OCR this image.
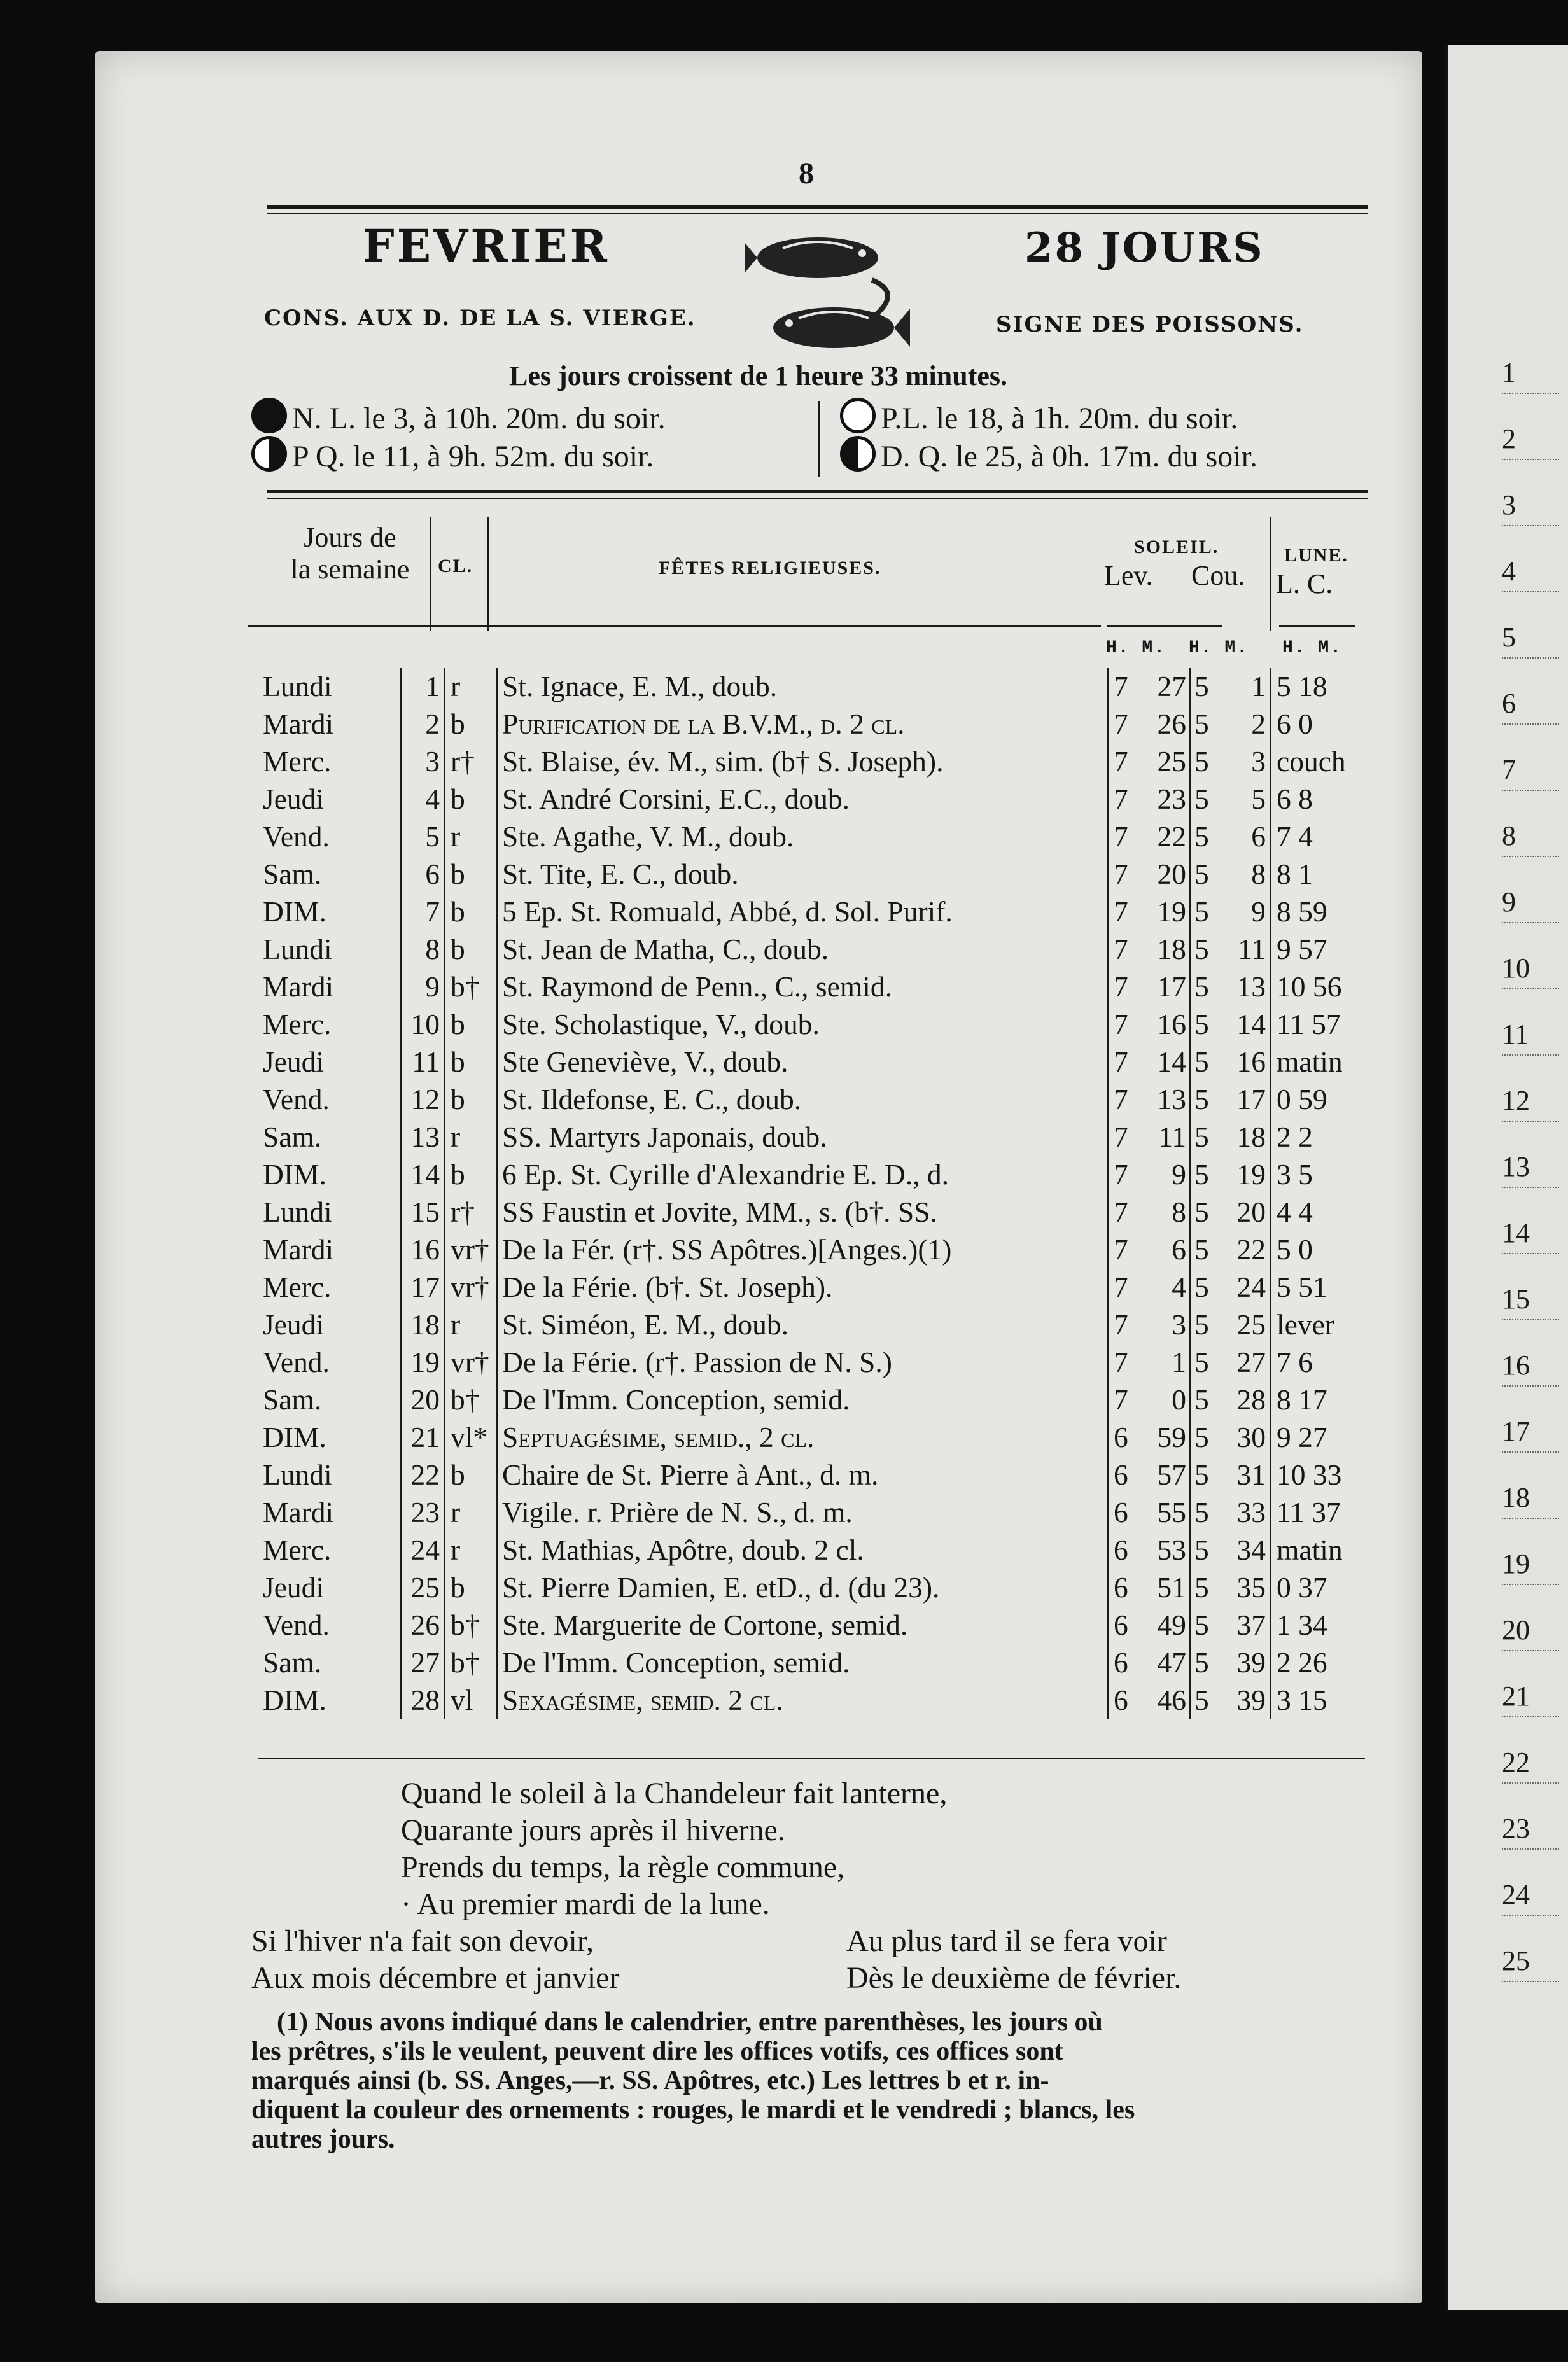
1
2
3
4
5
6
7
8
9
10
11
12
13
14
15
16
17
18
19
20
21
22
23
24
25
8
FEVRIER	28 JOURS
CONS. AUX D. DE LA S. VIERGE.	SIGNE DES POISSONS.
Les jours croissent de 1 heure 33 minutes.
N. L. le 3, à 10h. 20m. du soir.	P.L. le 18, à 1h. 20m. du soir.
P Q. le 11, à 9h. 52m. du soir.	D. Q. le 25, à 0h. 17m. du soir.
Jours de
la semaine	CL.	FÊTES RELIGIEUSES.
SOLEIL.
Lev. Cou.
LUNE.
L. C.
H. M. H. M. H. M.
Lundi	1	r	St. Ignace, E. M., doub.	7	27	5	1	5 18
Mardi	2	b	Purification de la B.V.M., d. 2 cl.	7	26	5	2	6 0
Merc.	3	r†	St. Blaise, év. M., sim. (b† S. Joseph).	7	25	5	3	couch
Jeudi	4	b	St. André Corsini, E.C., doub.	7	23	5	5	6 8
Vend.	5	r	Ste. Agathe, V. M., doub.	7	22	5	6	7 4
Sam.	6	b	St. Tite, E. C., doub.	7	20	5	8	8 1
DIM.	7	b	5 Ep. St. Romuald, Abbé, d. Sol. Purif.	7	19	5	9	8 59
Lundi	8	b	St. Jean de Matha, C., doub.	7	18	5	11	9 57
Mardi	9	b†	St. Raymond de Penn., C., semid.	7	17	5	13	10 56
Merc.	10	b	Ste. Scholastique, V., doub.	7	16	5	14	11 57
Jeudi	11	b	Ste Geneviève, V., doub.	7	14	5	16	matin
Vend.	12	b	St. Ildefonse, E. C., doub.	7	13	5	17	0 59
Sam.	13	r	SS. Martyrs Japonais, doub.	7	11	5	18	2 2
DIM.	14	b	6 Ep. St. Cyrille d'Alexandrie E. D., d.	7	9	5	19	3 5
Lundi	15	r†	SS Faustin et Jovite, MM., s. (b†. SS.	7	8	5	20	4 4
Mardi	16	vr†	De la Fér. (r†. SS Apôtres.)[Anges.)(1)	7	6	5	22	5 0
Merc.	17	vr†	De la Férie. (b†. St. Joseph).	7	4	5	24	5 51
Jeudi	18	r	St. Siméon, E. M., doub.	7	3	5	25	lever
Vend.	19	vr†	De la Férie. (r†. Passion de N. S.)	7	1	5	27	7 6
Sam.	20	b†	De l'Imm. Conception, semid.	7	0	5	28	8 17
DIM.	21	vl*	Septuagésime, semid., 2 cl.	6	59	5	30	9 27
Lundi	22	b	Chaire de St. Pierre à Ant., d. m.	6	57	5	31	10 33
Mardi	23	r	Vigile. r. Prière de N. S., d. m.	6	55	5	33	11 37
Merc.	24	r	St. Mathias, Apôtre, doub. 2 cl.	6	53	5	34	matin
Jeudi	25	b	St. Pierre Damien, E. etD., d. (du 23).	6	51	5	35	0 37
Vend.	26	b†	Ste. Marguerite de Cortone, semid.	6	49	5	37	1 34
Sam.	27	b†	De l'Imm. Conception, semid.	6	47	5	39	2 26
DIM.	28	vl	Sexagésime, semid. 2 cl.	6	46	5	39	3 15
Quand le soleil à la Chandeleur fait lanterne,
Quarante jours après il hiverne.
Prends du temps, la règle commune,
· Au premier mardi de la lune.
Si l'hiver n'a fait son devoir,
Aux mois décembre et janvier
Au plus tard il se fera voir
Dès le deuxième de février.
(1) Nous avons indiqué dans le calendrier, entre parenthèses, les jours où
les prêtres, s'ils le veulent, peuvent dire les offices votifs, ces offices sont
marqués ainsi (b. SS. Anges,—r. SS. Apôtres, etc.) Les lettres b et r. in-
diquent la couleur des ornements : rouges, le mardi et le vendredi ; blancs, les
autres jours.
